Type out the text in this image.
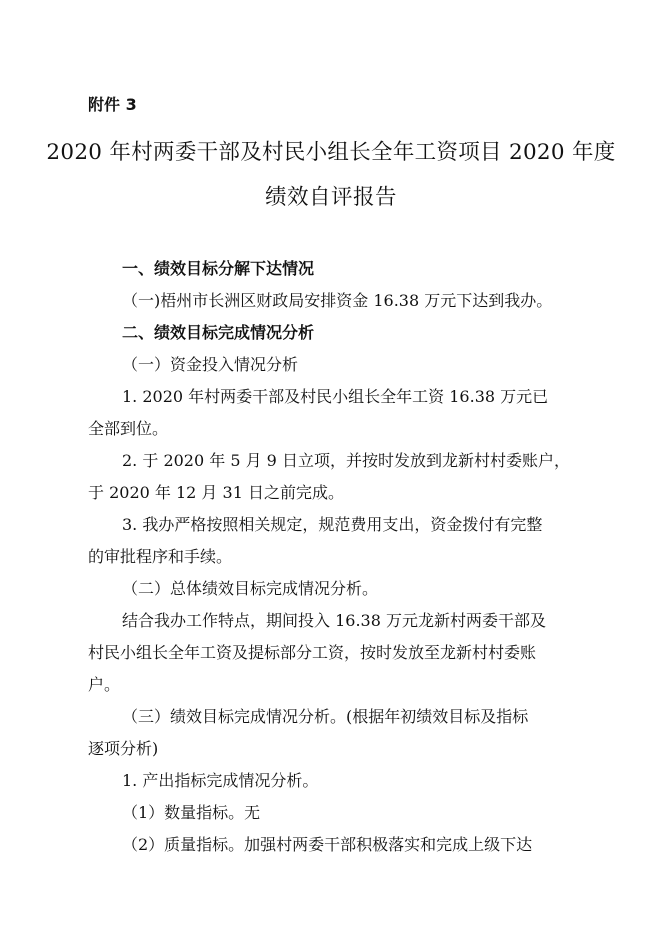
附件 3
2020 年村两委干部及村民小组长全年工资项目 2020 年度
绩效自评报告
一、绩效目标分解下达情况
（一)梧州市长洲区财政局安排资金 16.38 万元下达到我办。
二、绩效目标完成情况分析
（一）资金投入情况分析
1. 2020 年村两委干部及村民小组长全年工资 16.38 万元已
全部到位。
2. 于 2020 年 5 月 9 日立项，并按时发放到龙新村村委账户，
于 2020 年 12 月 31 日之前完成。
3. 我办严格按照相关规定，规范费用支出，资金拨付有完整
的审批程序和手续。
（二）总体绩效目标完成情况分析。
结合我办工作特点，期间投入 16.38 万元龙新村两委干部及
村民小组长全年工资及提标部分工资，按时发放至龙新村村委账
户。
（三）绩效目标完成情况分析。(根据年初绩效目标及指标
逐项分析)
1. 产出指标完成情况分析。
（1）数量指标。无
（2）质量指标。加强村两委干部积极落实和完成上级下达
